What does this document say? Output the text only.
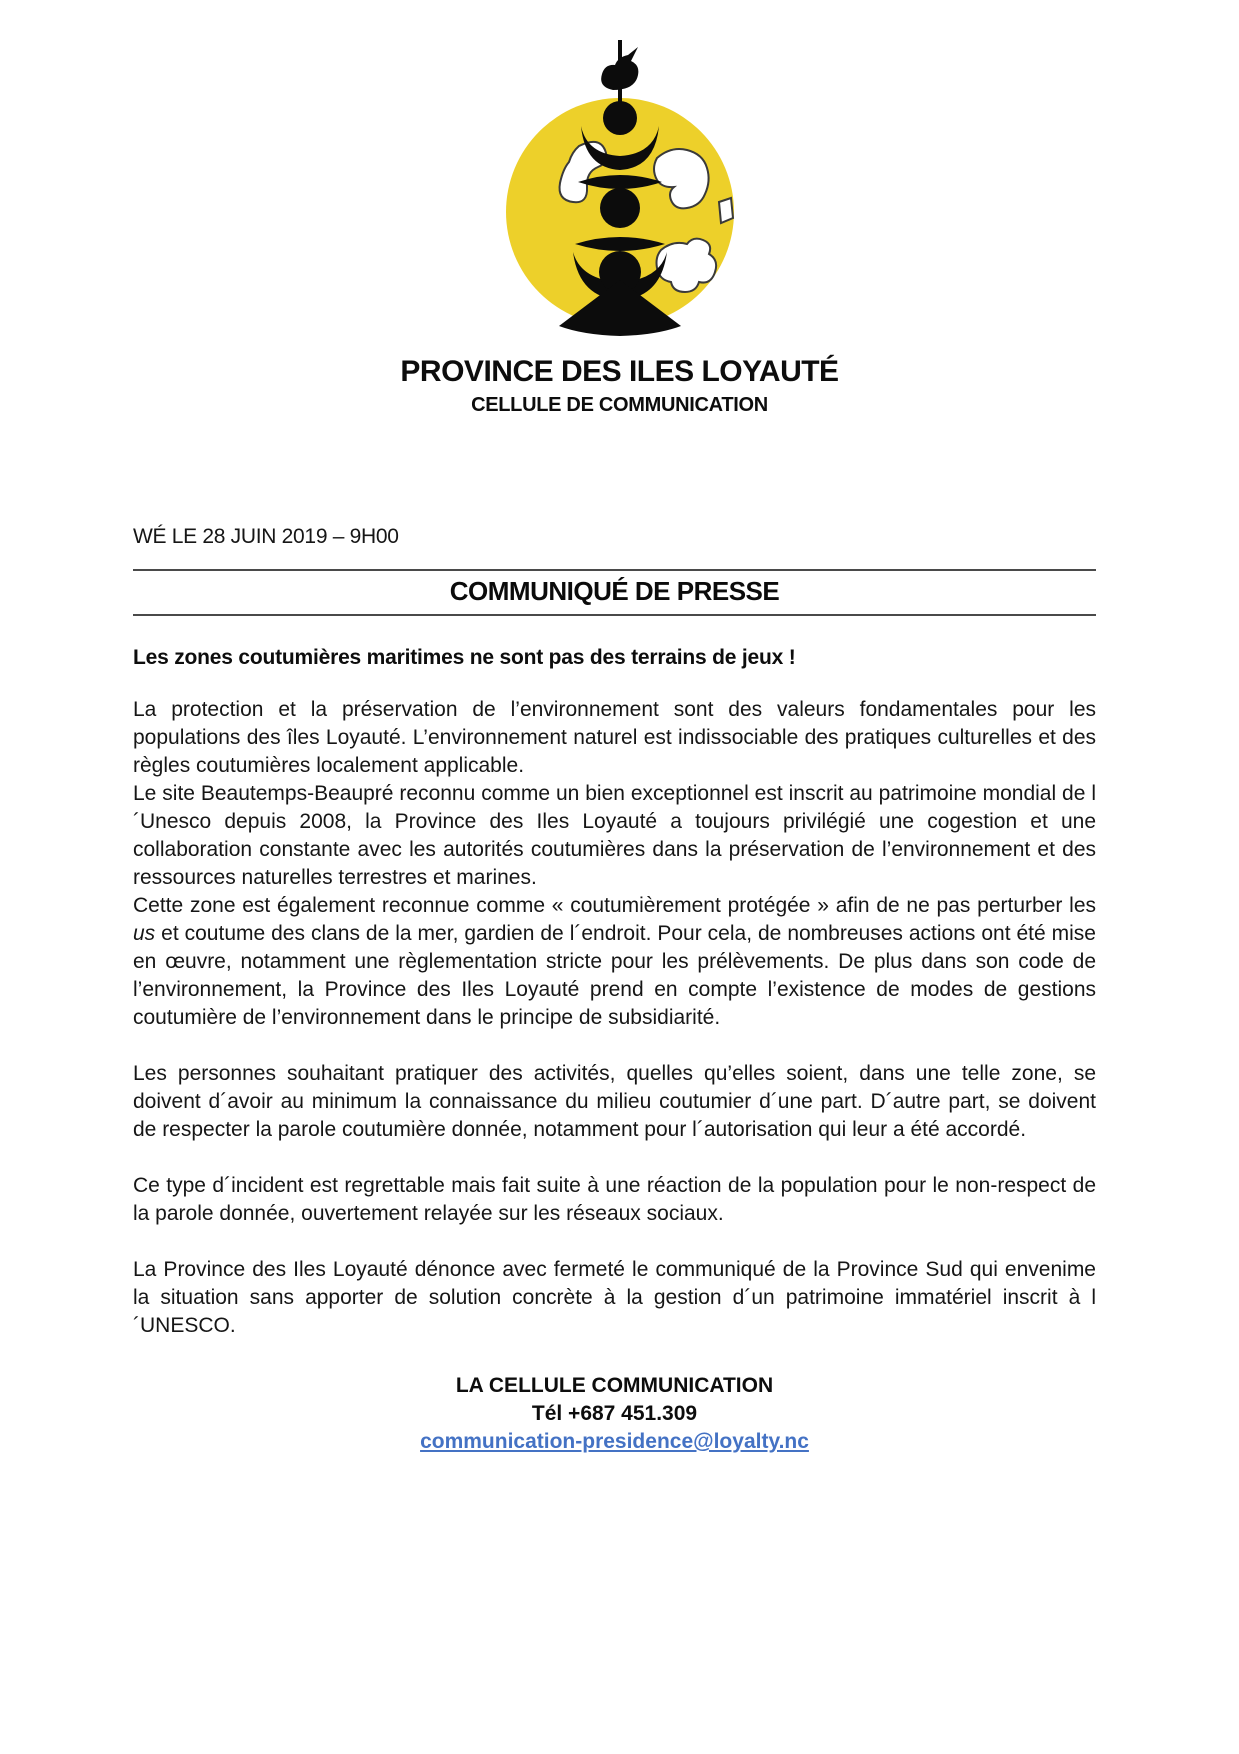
PROVINCE DES ILES LOYAUTÉ
CELLULE DE COMMUNICATION
WÉ LE 28 JUIN 2019 – 9H00
COMMUNIQUÉ DE PRESSE
Les zones coutumières maritimes ne sont pas des terrains de jeux !

La protection et la préservation de l’environnement sont des valeurs fondamentales pour les populations des îles Loyauté. L’environnement naturel est indissociable des pratiques culturelles et des règles coutumières localement applicable.

Le site Beautemps-Beaupré reconnu comme un bien exceptionnel est inscrit au patrimoine mondial de l´Unesco depuis 2008, la Province des Iles Loyauté a toujours privilégié une cogestion et une collaboration constante avec les autorités coutumières dans la préservation de l’environnement et des ressources naturelles terrestres et marines.

Cette zone est également reconnue comme « coutumièrement protégée » afin de ne pas perturber les us et coutume des clans de la mer, gardien de l´endroit. Pour cela, de nombreuses actions ont été mise en œuvre, notamment une règlementation stricte pour les prélèvements. De plus dans son code de l’environnement, la Province des Iles Loyauté prend en compte l’existence de modes de gestions coutumière de l’environnement dans le principe de subsidiarité.

Les personnes souhaitant pratiquer des activités, quelles qu’elles soient, dans une telle zone, se doivent d´avoir au minimum la connaissance du milieu coutumier d´une part. D´autre part, se doivent de respecter la parole coutumière donnée, notamment pour l´autorisation qui leur a été accordé.

Ce type d´incident est regrettable mais fait suite à une réaction de la population pour le non-respect de la parole donnée, ouvertement relayée sur les réseaux sociaux.

La Province des Iles Loyauté dénonce avec fermeté le communiqué de la Province Sud qui envenime la situation sans apporter de solution concrète à la gestion d´un patrimoine immatériel inscrit à l´UNESCO.

LA CELLULE COMMUNICATION
Tél +687 451.309
communication-presidence@loyalty.nc
